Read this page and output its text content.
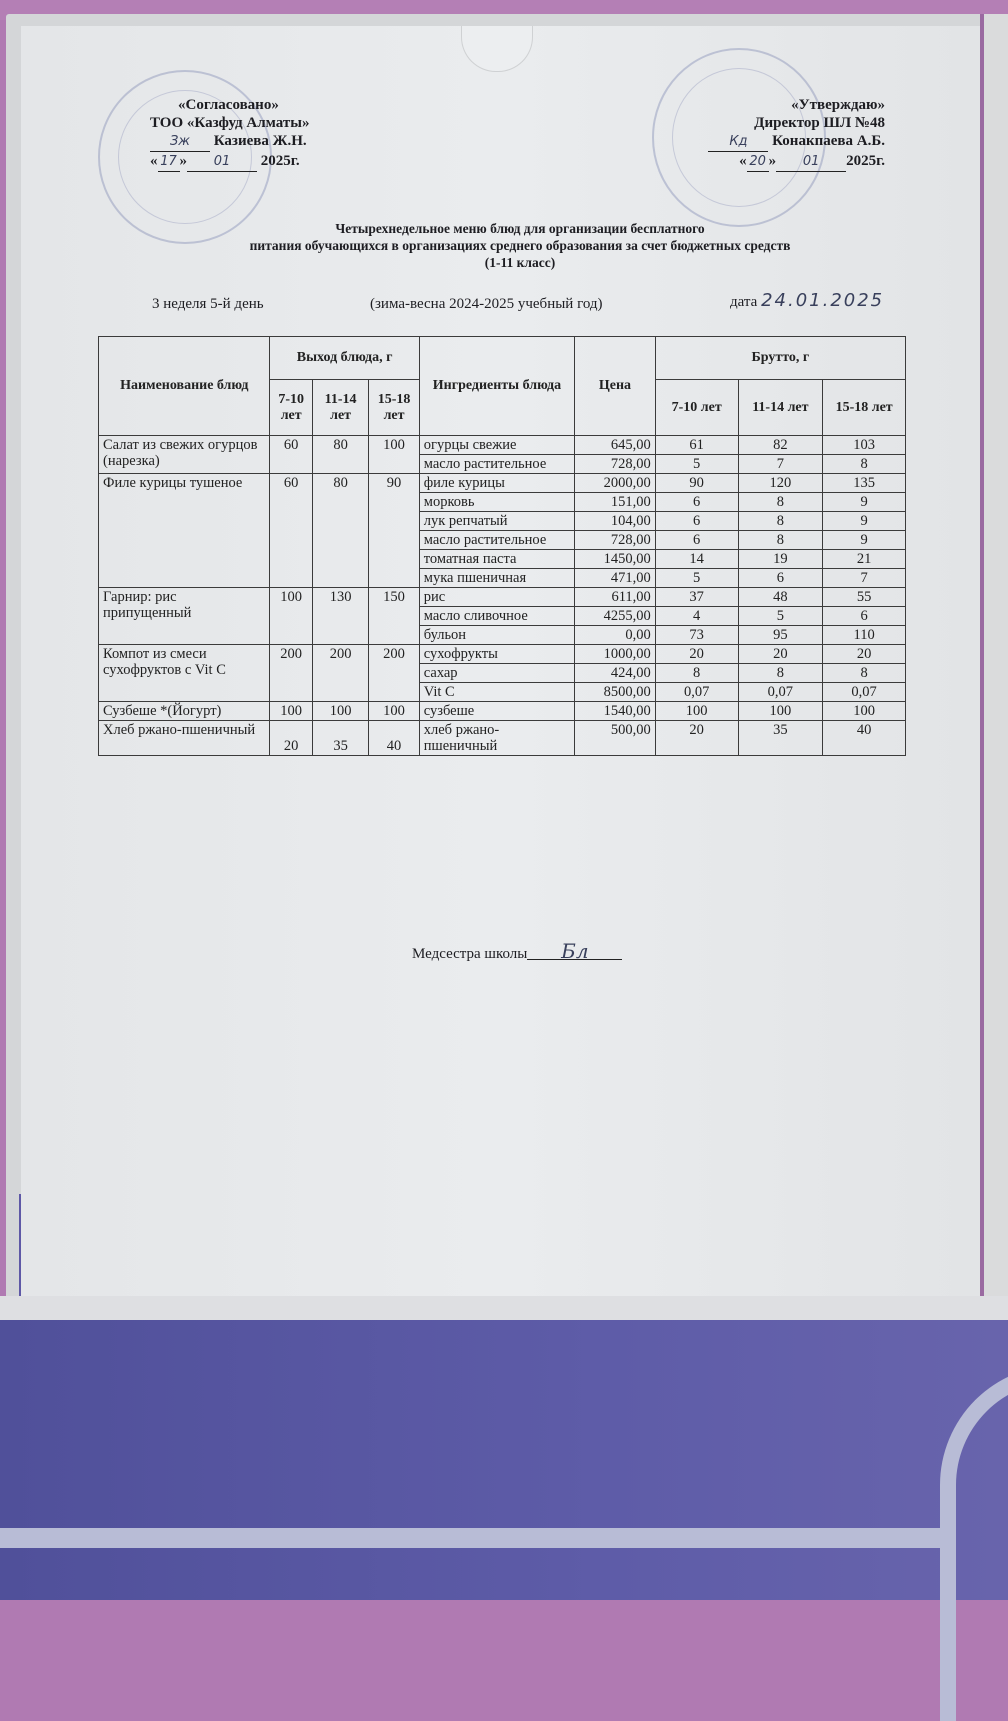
«Согласовано»
ТОО «Казфуд Алматы»
Зж Казиева Ж.Н.
« 17 » 01 2025г.
«Утверждаю»
Директор ШЛ №48
Кд Конакпаева А.Б.
« 20 » 01 2025г.
Четырехнедельное меню блюд для организации бесплатного
питания обучающихся в организациях среднего образования за счет бюджетных средств
(1-11 класс)
3 неделя 5-й день	(зима-весна 2024-2025 учебный год)	дата 24.01.2025
Наименование блюд	Выход блюда, г			Ингредиенты блюда	Цена	Брутто, г		
	7-10 лет	11-14 лет	15-18 лет			7-10 лет	11-14 лет	15-18 лет
Салат из свежих огурцов (нарезка)	60	80	100	огурцы свежие	645,00	61	82	103
				масло растительное	728,00	5	7	8
Филе курицы тушеное	60	80	90	филе курицы	2000,00	90	120	135
				морковь	151,00	6	8	9
				лук репчатый	104,00	6	8	9
				масло растительное	728,00	6	8	9
				томатная паста	1450,00	14	19	21
				мука пшеничная	471,00	5	6	7
Гарнир: рис припущенный	100	130	150	рис	611,00	37	48	55
				масло сливочное	4255,00	4	5	6
				бульон	0,00	73	95	110
Компот из смеси сухофруктов с Vit C	200	200	200	сухофрукты	1000,00	20	20	20
				сахар	424,00	8	8	8
				Vit C	8500,00	0,07	0,07	0,07
Сузбеше *(Йогурт)	100	100	100	сузбеше	1540,00	100	100	100
Хлеб ржано-пшеничный	20	35	40	хлеб ржано-пшеничный	500,00	20	35	40
Медсестра школы Бл
